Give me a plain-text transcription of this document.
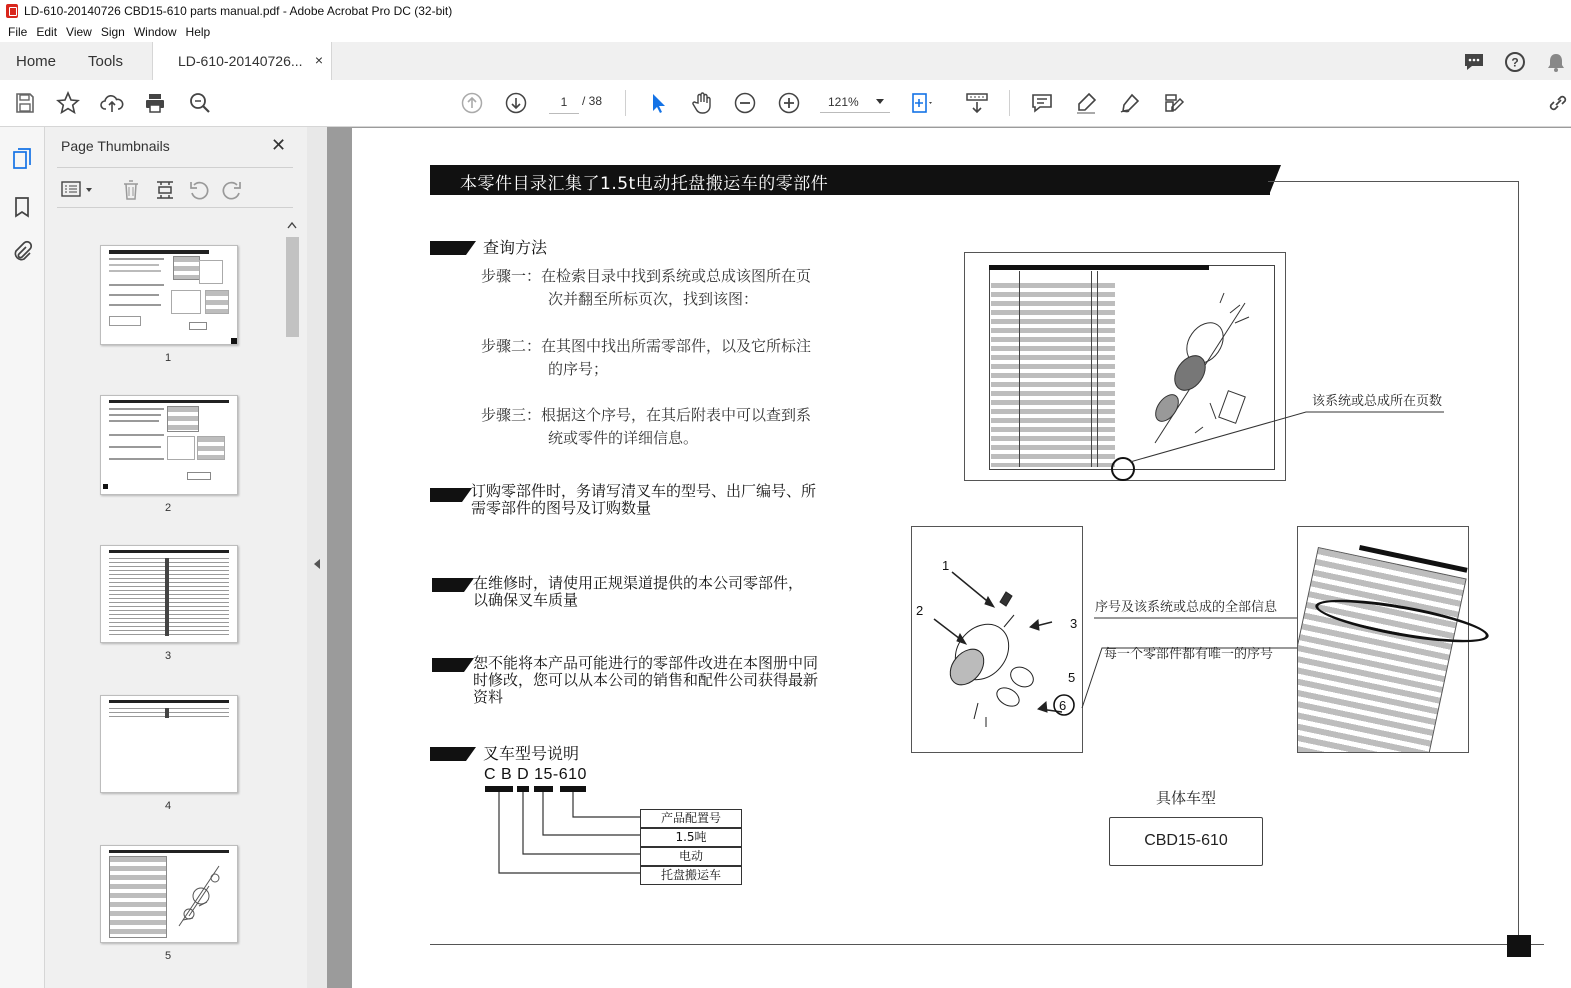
LD-610-20140726 CBD15-610 parts manual.pdf - Adobe Acrobat Pro DC (32-bit)
File Edit View Sign Window Help
Home Tools	LD-610-20140726... ×	?
1
/ 38	121%
Page Thumbnails	✕
1
2
3
4
5
本零件目录汇集了1.5t电动托盘搬运车的零部件
查询方法
步骤一：在检索目录中找到系统或总成该图所在页
次并翻至所标页次，找到该图：
步骤二：在其图中找出所需零部件，以及它所标注
的序号；
步骤三：根据这个序号，在其后附表中可以查到系
统或零件的详细信息。
订购零部件时，务请写清叉车的型号、出厂编号、所
需零部件的图号及订购数量
在维修时，请使用正规渠道提供的本公司零部件，
以确保叉车质量
恕不能将本产品可能进行的零部件改进在本图册中同
时修改，您可以从本公司的销售和配件公司获得最新
资料
叉车型号说明
C B D 15-610
产品配置号
1.5吨
电动
托盘搬运车
该系统或总成所在页数
1
2
3
5
6
序号及该系统或总成的全部信息
每一个零部件都有唯一的序号
具体车型
CBD15-610
